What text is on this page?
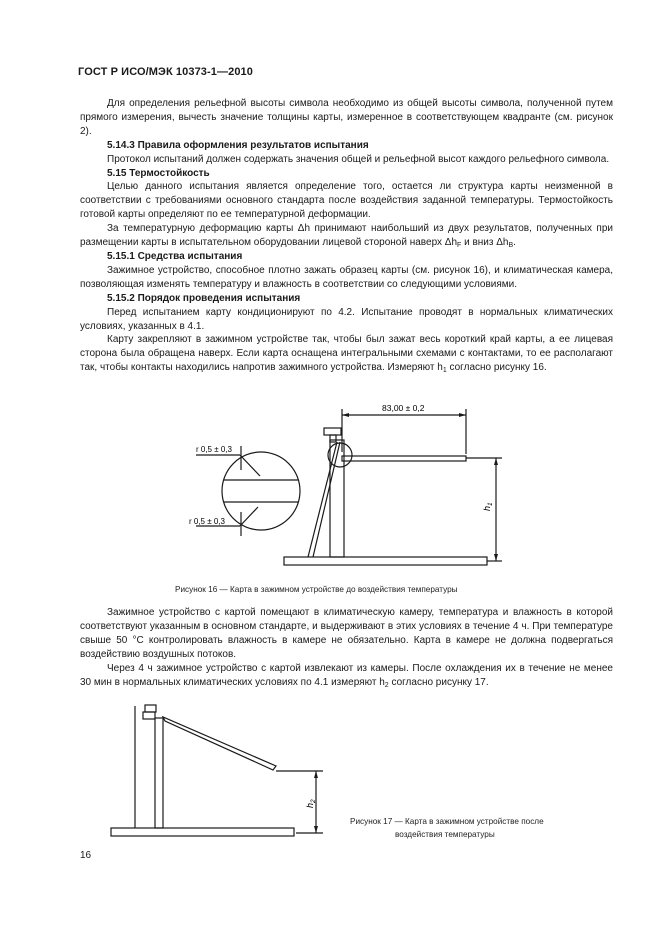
ГОСТ Р ИСО/МЭК 10373-1—2010

Для определения рельефной высоты символа необходимо из общей высоты символа, полученной путем прямого измерения, вычесть значение толщины карты, измеренное в соответствующем квадранте (см. рисунок 2).

5.14.3 Правила оформления результатов испытания

Протокол испытаний должен содержать значения общей и рельефной высот каждого рельефного символа.

5.15 Термостойкость

Целью данного испытания является определение того, остается ли структура карты неизменной в соответствии с требованиями основного стандарта после воздействия заданной температуры. Термостойкость готовой карты определяют по ее температурной деформации.

За температурную деформацию карты Δh принимают наибольший из двух результатов, полученных при размещении карты в испытательном оборудовании лицевой стороной наверх $\Delta h_F$ и вниз $\Delta h_B$.

5.15.1 Средства испытания

Зажимное устройство, способное плотно зажать образец карты (см. рисунок 16), и климатическая камера, позволяющая изменять температуру и влажность в соответствии со следующими условиями.

5.15.2 Порядок проведения испытания

Перед испытанием карту кондиционируют по 4.2. Испытание проводят в нормальных климатических условиях, указанных в 4.1.

Карту закрепляют в зажимном устройстве так, чтобы был зажат весь короткий край карты, а ее лицевая сторона была обращена наверх. Если карта оснащена интегральными схемами с контактами, то ее располагают так, чтобы контакты находились напротив зажимного устройства. Измеряют $h_1$ согласно рисунку 16.

83,00 ± 0,2
r 0,5 ± 0,3
r 0,5 ± 0,3
$h_1$
Рисунок 16 — Карта в зажимном устройстве до воздействия температуры

Зажимное устройство с картой помещают в климатическую камеру, температура и влажность в которой соответствуют указанным в основном стандарте, и выдерживают в этих условиях в течение 4 ч. При температуре свыше 50 °С контролировать влажность в камере не обязательно. Карта в камере не должна подвергаться воздействию воздушных потоков.

Через 4 ч зажимное устройство с картой извлекают из камеры. После охлаждения их в течение не менее 30 мин в нормальных климатических условиях по 4.1 измеряют $h_2$ согласно рисунку 17.

$h_2$
Рисунок 17 — Карта в зажимном устройстве после
воздействия температуры
16
